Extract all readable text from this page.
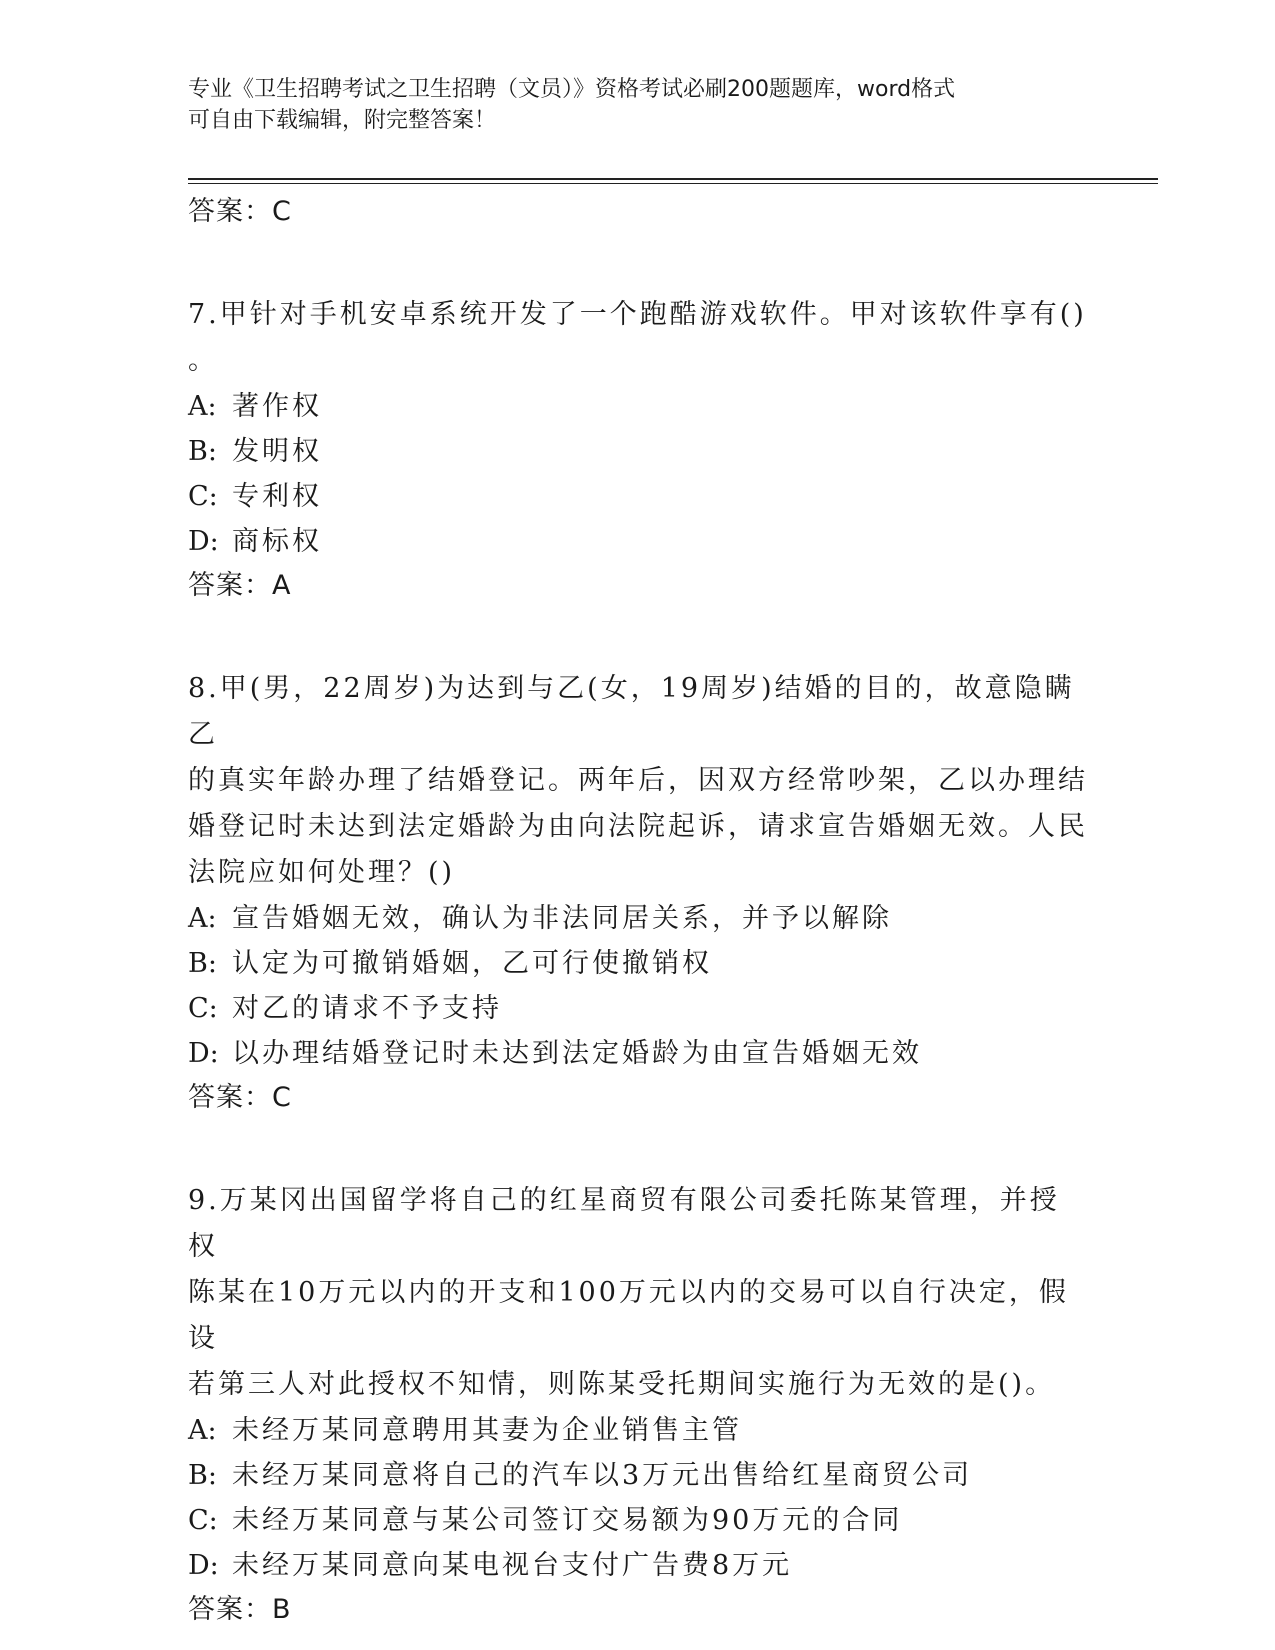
专业《卫生招聘考试之卫生招聘（文员）》资格考试必刷200题题库，word格式
可自由下载编辑，附完整答案！
答案：C
7.甲针对手机安卓系统开发了一个跑酷游戏软件。甲对该软件享有()
。
A: 著作权
B: 发明权
C: 专利权
D: 商标权
答案：A
8.甲(男，22周岁)为达到与乙(女，19周岁)结婚的目的，故意隐瞒乙
的真实年龄办理了结婚登记。两年后，因双方经常吵架，乙以办理结
婚登记时未达到法定婚龄为由向法院起诉，请求宣告婚姻无效。人民
法院应如何处理？()
A: 宣告婚姻无效，确认为非法同居关系，并予以解除
B: 认定为可撤销婚姻，乙可行使撤销权
C: 对乙的请求不予支持
D: 以办理结婚登记时未达到法定婚龄为由宣告婚姻无效
答案：C
9.万某冈出国留学将自己的红星商贸有限公司委托陈某管理，并授权
陈某在10万元以内的开支和100万元以内的交易可以自行决定，假设
若第三人对此授权不知情，则陈某受托期间实施行为无效的是()。
A: 未经万某同意聘用其妻为企业销售主管
B: 未经万某同意将自己的汽车以3万元出售给红星商贸公司
C: 未经万某同意与某公司签订交易额为90万元的合同
D: 未经万某同意向某电视台支付广告费8万元
答案：B
